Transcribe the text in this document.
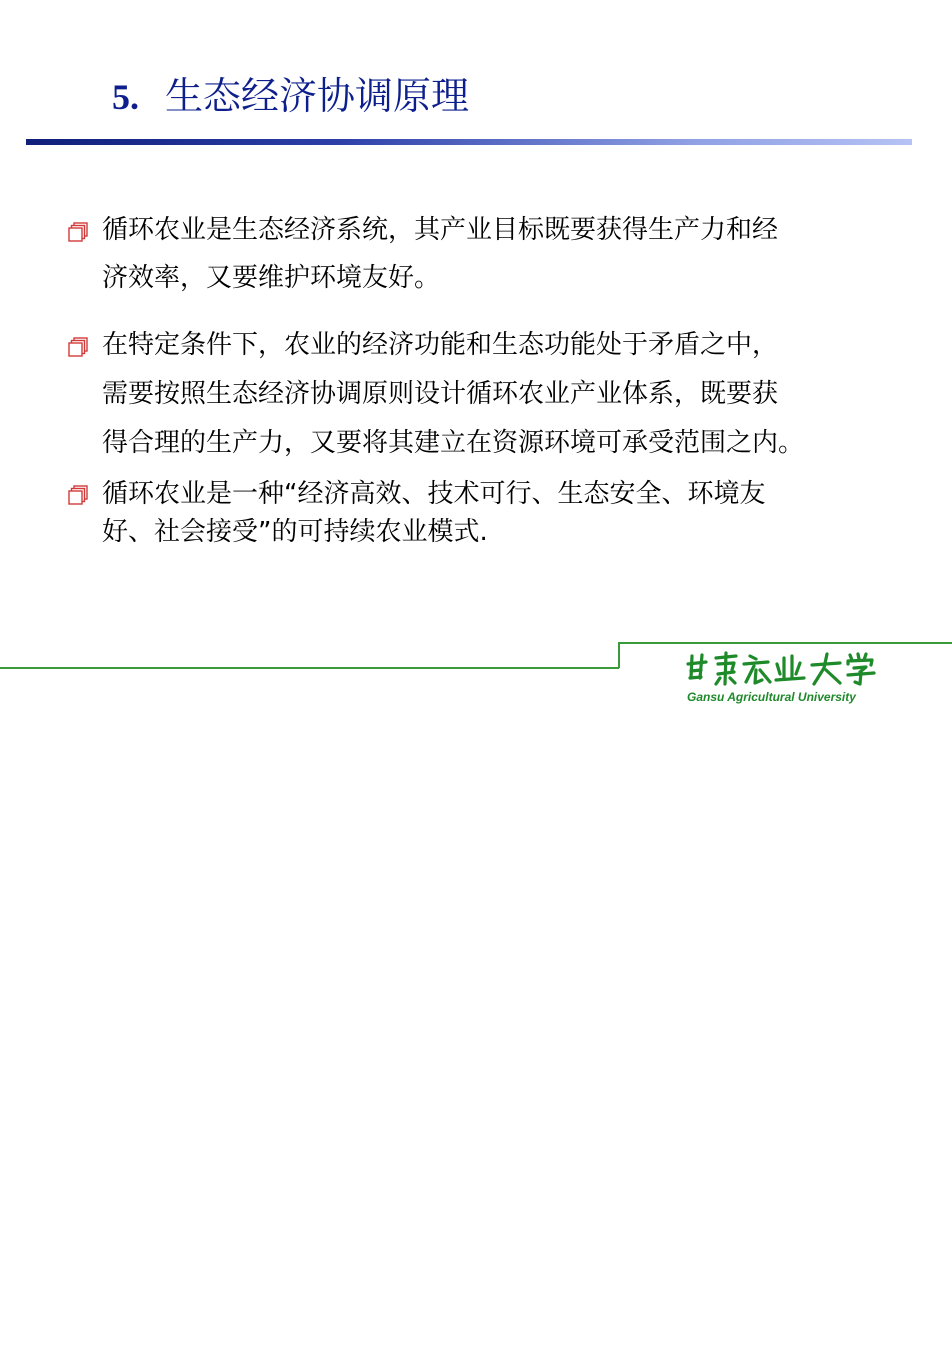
5. 生态经济协调原理
循环农业是生态经济系统，其产业目标既要获得生产力和经
济效率，又要维护环境友好。
在特定条件下，农业的经济功能和生态功能处于矛盾之中，
需要按照生态经济协调原则设计循环农业产业体系，既要获
得合理的生产力，又要将其建立在资源环境可承受范围之内。
循环农业是一种“经济高效、技术可行、生态安全、环境友
好、社会接受”的可持续农业模式.
Gansu Agricultural University
